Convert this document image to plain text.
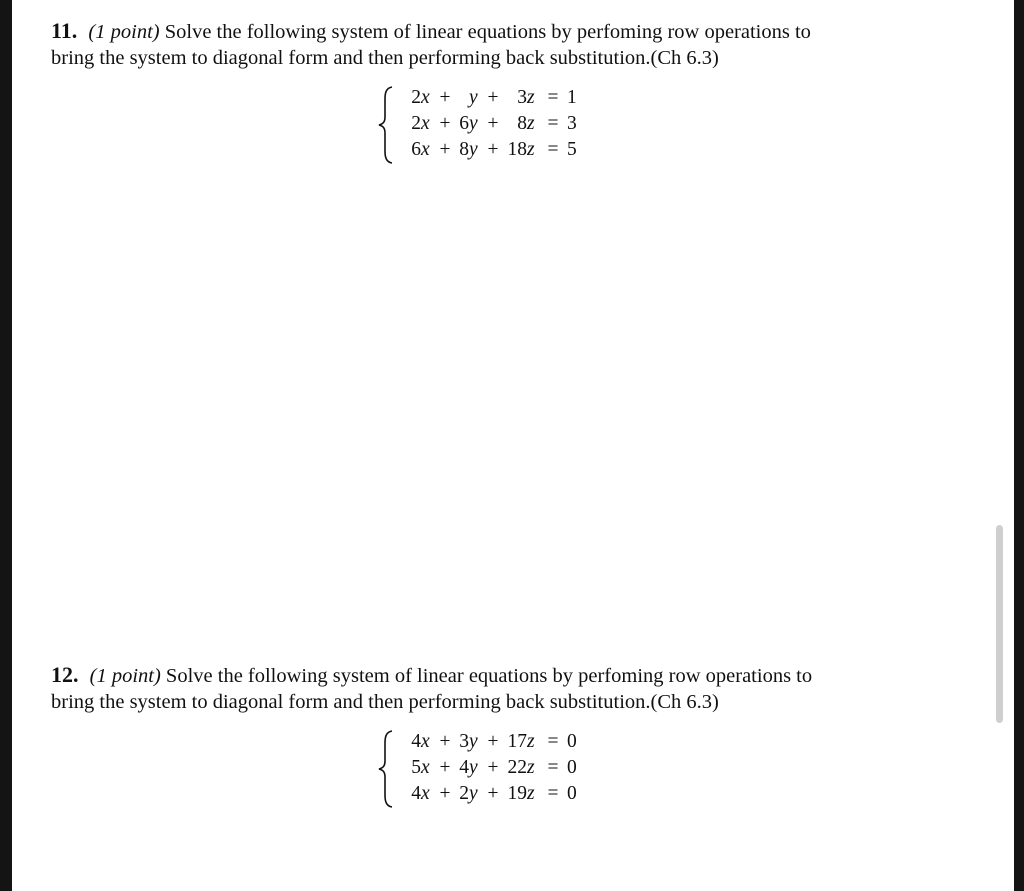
11. (1 point) Solve the following system of linear equations by perfoming row operations to
bring the system to diagonal form and then performing back substitution.(Ch 6.3)

2	x	+		y	+	3	z	=	1
2	x	+	6	y	+	8	z	=	3
6	x	+	8	y	+	18	z	=	5

12. (1 point) Solve the following system of linear equations by perfoming row operations to
bring the system to diagonal form and then performing back substitution.(Ch 6.3)

4	x	+	3	y	+	17	z	=	0
5	x	+	4	y	+	22	z	=	0
4	x	+	2	y	+	19	z	=	0
